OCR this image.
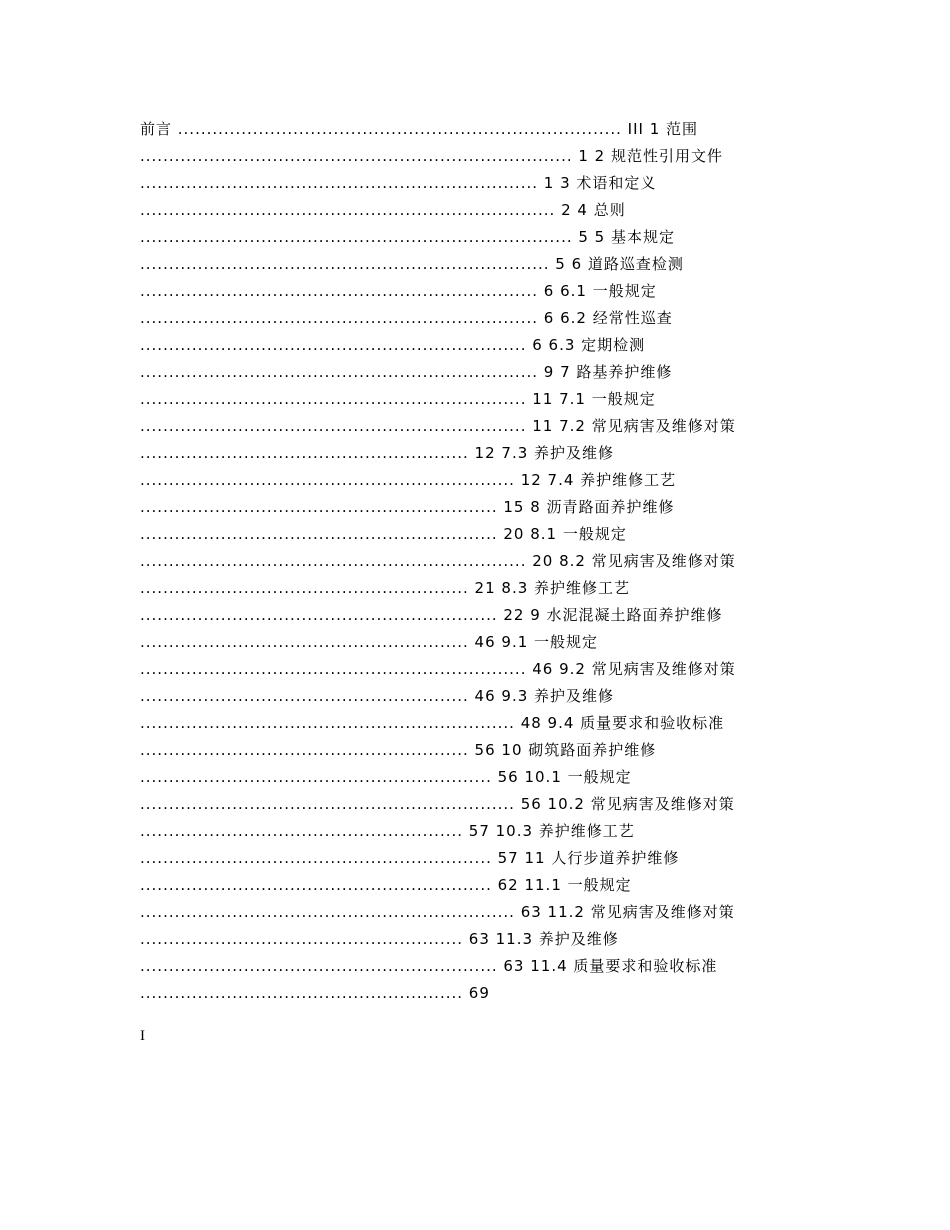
前言 ............................................................................. III 1 范围
........................................................................... 1 2 规范性引用文件
..................................................................... 1 3 术语和定义
........................................................................ 2 4 总则
........................................................................... 5 5 基本规定
....................................................................... 5 6 道路巡查检测
..................................................................... 6 6.1 一般规定
..................................................................... 6 6.2 经常性巡查
................................................................... 6 6.3 定期检测
..................................................................... 9 7 路基养护维修
................................................................... 11 7.1 一般规定
................................................................... 11 7.2 常见病害及维修对策
......................................................... 12 7.3 养护及维修
................................................................. 12 7.4 养护维修工艺
.............................................................. 15 8 沥青路面养护维修
.............................................................. 20 8.1 一般规定
................................................................... 20 8.2 常见病害及维修对策
......................................................... 21 8.3 养护维修工艺
.............................................................. 22 9 水泥混凝土路面养护维修
......................................................... 46 9.1 一般规定
................................................................... 46 9.2 常见病害及维修对策
......................................................... 46 9.3 养护及维修
................................................................. 48 9.4 质量要求和验收标准
......................................................... 56 10 砌筑路面养护维修
............................................................. 56 10.1 一般规定
................................................................. 56 10.2 常见病害及维修对策
........................................................ 57 10.3 养护维修工艺
............................................................. 57 11 人行步道养护维修
............................................................. 62 11.1 一般规定
................................................................. 63 11.2 常见病害及维修对策
........................................................ 63 11.3 养护及维修
.............................................................. 63 11.4 质量要求和验收标准
........................................................ 69
I
